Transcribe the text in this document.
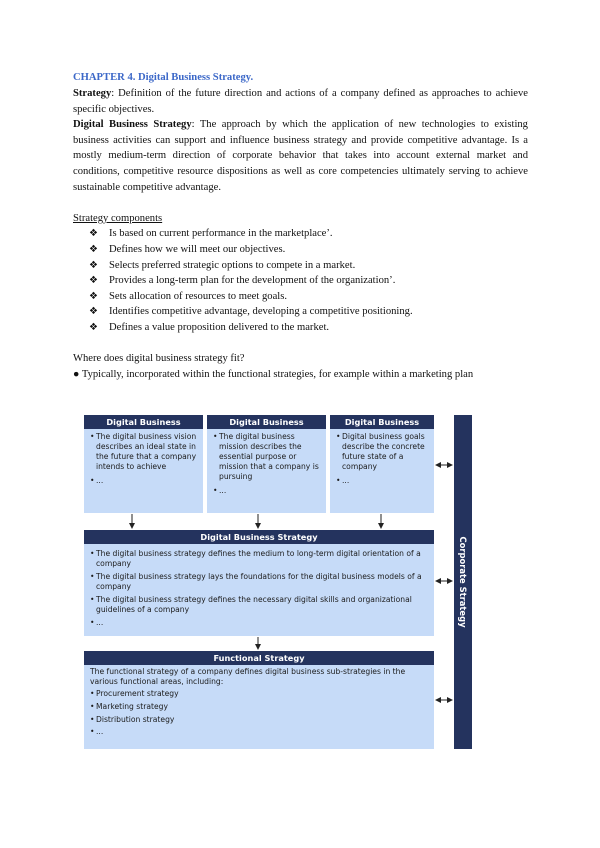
CHAPTER 4. Digital Business Strategy.

Strategy: Definition of the future direction and actions of a company defined as approaches to achieve specific objectives.

Digital Business Strategy: The approach by which the application of new technologies to existing business activities can support and influence business strategy and provide competitive advantage. Is a mostly medium-term direction of corporate behavior that takes into account external market and conditions, competitive resource dispositions as well as core competencies ultimately serving to achieve sustainable competitive advantage.

Strategy components
❖ Is based on current performance in the marketplace’.
❖ Defines how we will meet our objectives.
❖ Selects preferred strategic options to compete in a market.
❖ Provides a long-term plan for the development of the organization’.
❖ Sets allocation of resources to meet goals.
❖ Identifies competitive advantage, developing a competitive positioning.
❖ Defines a value proposition delivered to the market.
Where does digital business strategy fit?

● Typically, incorporated within the functional strategies, for example within a marketing plan

Digital Business
• The digital business vision describes an ideal state in the future that a company intends to achieve
• ...
Digital Business
• The digital business mission describes the essential purpose or mission that a company is pursuing
• ...
Digital Business
• Digital business goals describe the concrete future state of a company
• ...
Digital Business Strategy
• The digital business strategy defines the medium to long-term digital orientation of a company
• The digital business strategy lays the foundations for the digital business models of a company
• The digital business strategy defines the necessary digital skills and organizational guidelines of a company
• ...
Functional Strategy
The functional strategy of a company defines digital business sub-strategies in the various functional areas, including:
• Procurement strategy
• Marketing strategy
• Distribution strategy
• ...
Corporate Strategy
